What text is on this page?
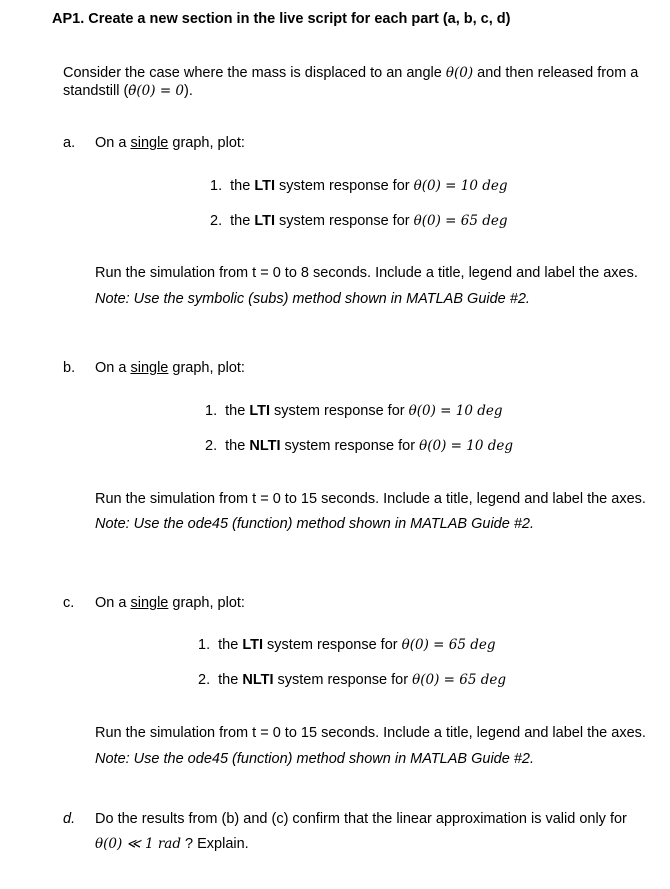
AP1. Create a new section in the live script for each part (a, b, c, d)
Consider the case where the mass is displaced to an angle θ(0) and then released from a
standstill (θ̇(0) = 0).
a. On a single graph, plot:
1. the LTI system response for θ(0) = 10 deg
2. the LTI system response for θ(0) = 65 deg
Run the simulation from t = 0 to 8 seconds. Include a title, legend and label the axes.
Note: Use the symbolic (subs) method shown in MATLAB Guide #2.
b. On a single graph, plot:
1. the LTI system response for θ(0) = 10 deg
2. the NLTI system response for θ(0) = 10 deg
Run the simulation from t = 0 to 15 seconds. Include a title, legend and label the axes.
Note: Use the ode45 (function) method shown in MATLAB Guide #2.
c. On a single graph, plot:
1. the LTI system response for θ(0) = 65 deg
2. the NLTI system response for θ(0) = 65 deg
Run the simulation from t = 0 to 15 seconds. Include a title, legend and label the axes.
Note: Use the ode45 (function) method shown in MATLAB Guide #2.
d. Do the results from (b) and (c) confirm that the linear approximation is valid only for
θ(0) ≪ 1 rad ? Explain.
